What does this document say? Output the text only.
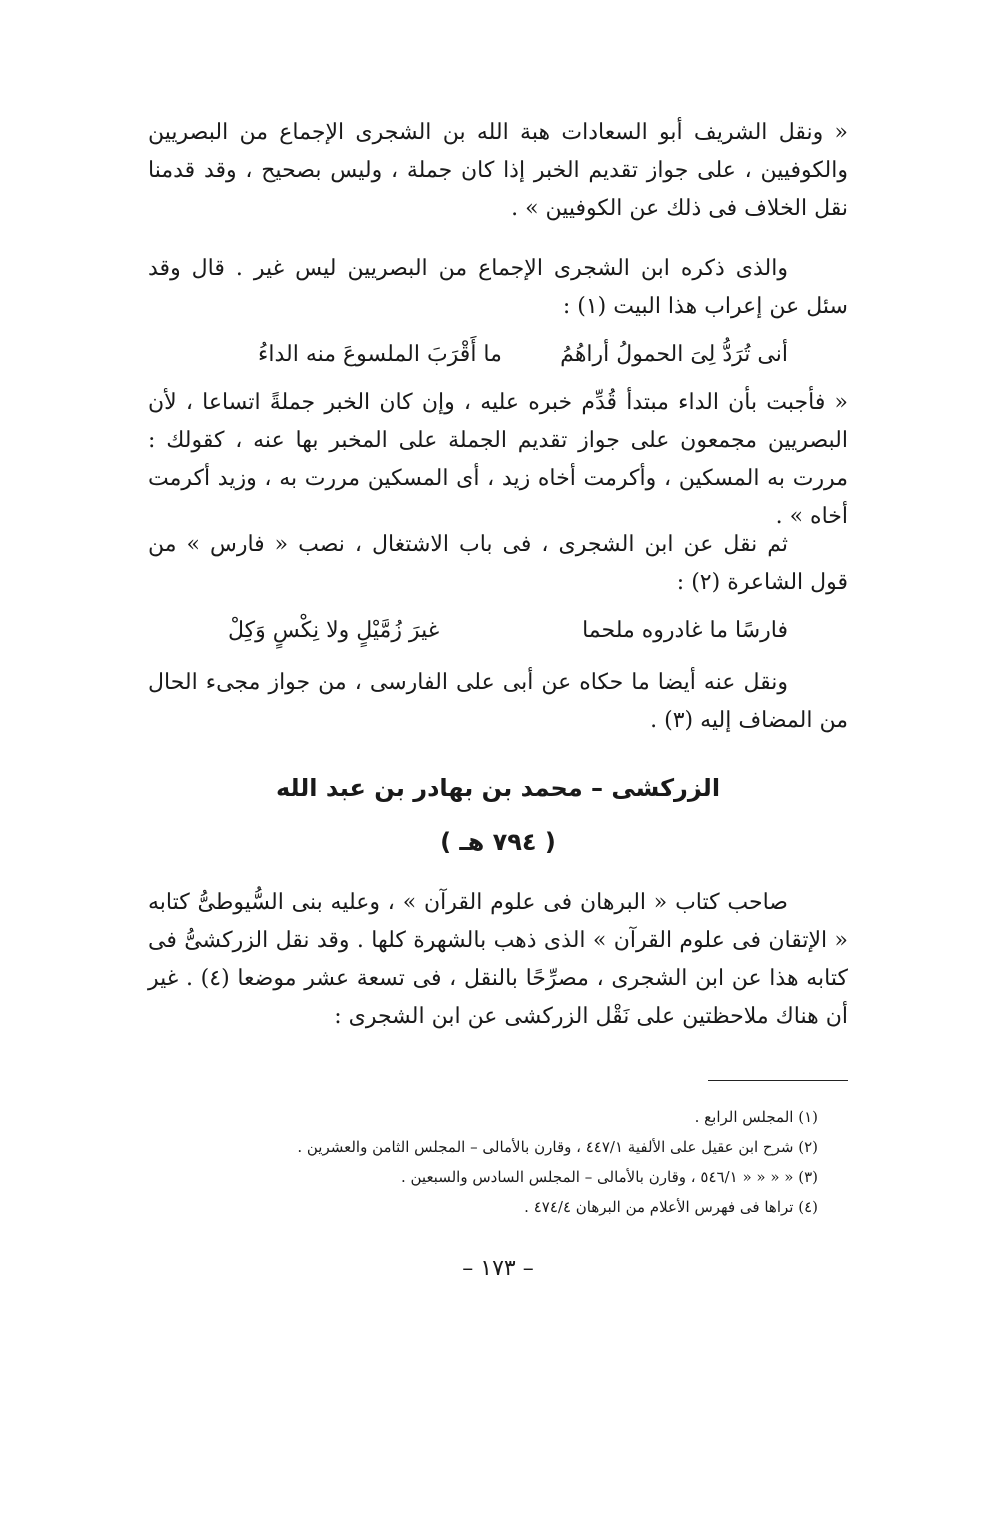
« ونقل الشريف أبو السعادات هبة الله بن الشجرى الإجماع من البصريين والكوفيين ، على جواز تقديم الخبر إذا كان جملة ، وليس بصحيح ، وقد قدمنا نقل الخلاف فى ذلك عن الكوفيين » .

والذى ذكره ابن الشجرى الإجماع من البصريين ليس غير . قال وقد سئل عن إعراب هذا البيت (١) :

أنى تُرَدُّ لِىَ الحمولُ أراهُمُ
ما أَقْرَبَ الملسوعَ منه الداءُ

« فأجبت بأن الداء مبتدأ قُدِّم خبره عليه ، وإن كان الخبر جملةً اتساعا ، لأن البصريين مجمعون على جواز تقديم الجملة على المخبر بها عنه ، كقولك : مررت به المسكين ، وأكرمت أخاه زيد ، أى المسكين مررت به ، وزيد أكرمت أخاه » .

ثم نقل عن ابن الشجرى ، فى باب الاشتغال ، نصب « فارس » من قول الشاعرة (٢) :

فارسًا ما غادروه ملحما
غيرَ زُمَّيْلٍ ولا نِكْسٍ وَكِلْ

ونقل عنه أيضا ما حكاه عن أبى على الفارسى ، من جواز مجىء الحال من المضاف إليه (٣) .

الزركشى – محمد بن بهادر بن عبد الله
( ٧٩٤ هـ )

صاحب كتاب « البرهان فى علوم القرآن » ، وعليه بنى السُّيوطىُّ كتابه « الإتقان فى علوم القرآن » الذى ذهب بالشهرة كلها . وقد نقل الزركشىُّ فى كتابه هذا عن ابن الشجرى ، مصرِّحًا بالنقل ، فى تسعة عشر موضعا (٤) . غير أن هناك ملاحظتين على نَقْل الزركشى عن ابن الشجرى :

(١) المجلس الرابع .
(٢) شرح ابن عقيل على الألفية ٤٤٧/١ ، وقارن بالأمالى – المجلس الثامن والعشرين .
(٣) « « « « ٥٤٦/١ ، وقارن بالأمالى – المجلس السادس والسبعين .
(٤) تراها فى فهرس الأعلام من البرهان ٤٧٤/٤ .
– ١٧٣ –
